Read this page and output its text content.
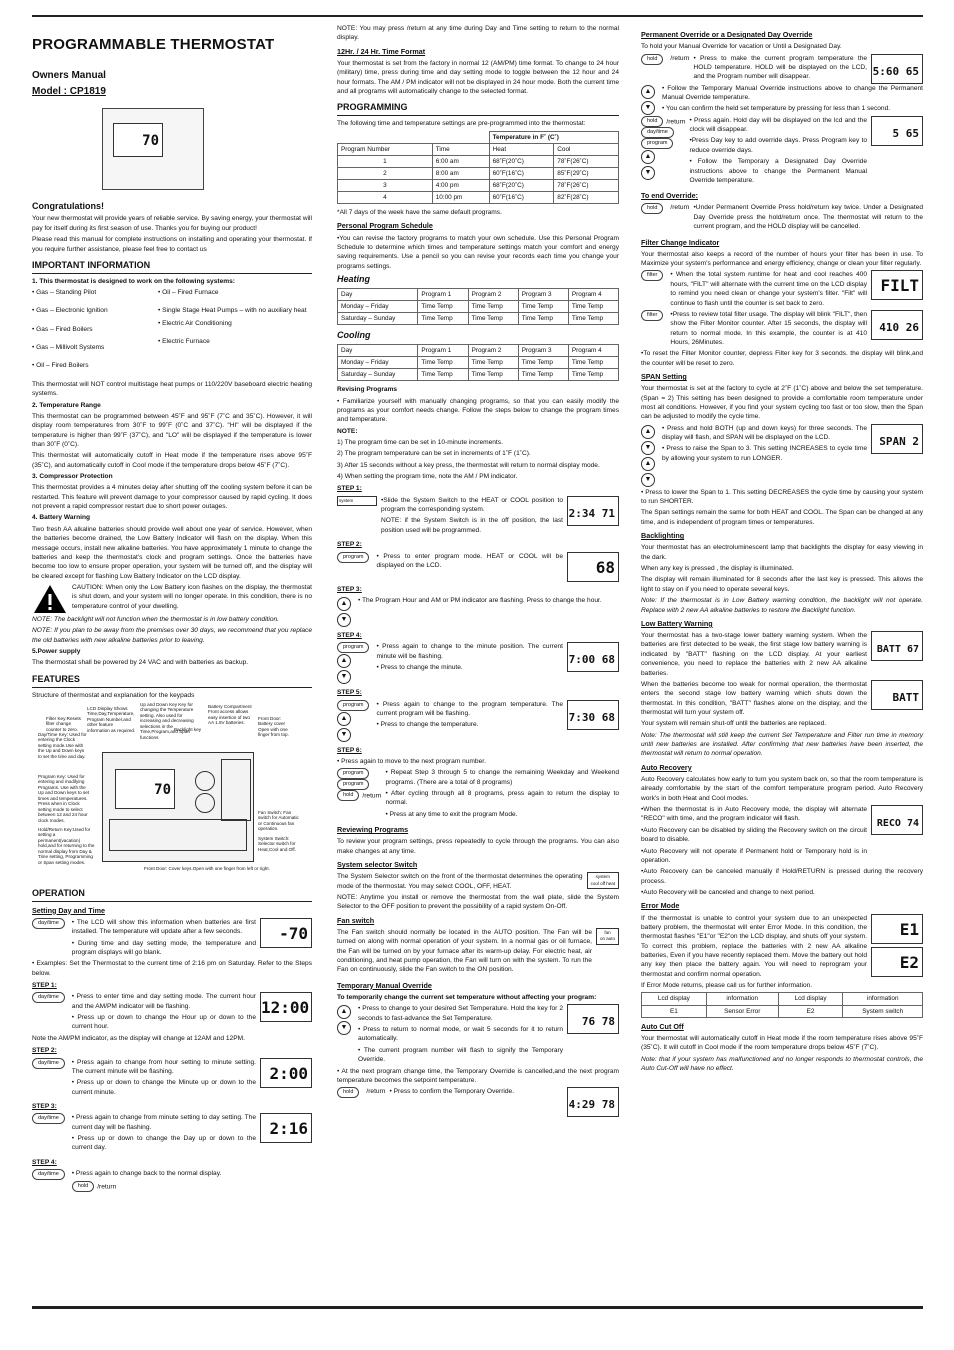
PROGRAMMABLE THERMOSTAT
Owners Manual
Model : CP1819
70
Congratulations!

Your new thermostat will provide years of reliable service. By saving energy, your thermostat will pay for itself during its first season of use. Thanks you for buying our product!

Please read this manual for complete instructions on installing and operating your thermostat. If you require further assistance, please feel free to contact us

IMPORTANT INFORMATION

1. This thermostat is designed to work on the following systems:

• Gas – Standing Pilot
• Gas – Electronic Ignition
• Gas – Fired Boilers
• Gas – Millivolt Systems
• Oil – Fired Boilers
• Oil – Fired Furnace
• Single Stage Heat Pumps – with no auxiliary heat
• Electric Air Conditioning
• Electric Furnace

This thermostat will NOT control multistage heat pumps or 110/220V baseboard electric heating systems.

2. Temperature Range

This thermostat can be programmed between 45˚F and 95˚F (7˚C and 35˚C). However, it will display room temperatures from 30˚F to 99˚F (0˚C and 37˚C). "HI" will be displayed if the temperature is higher than 99˚F (37˚C), and "LO" will be displayed if the temperature is lower than 30˚F (0˚C).

This thermostat will automatically cutoff in Heat mode if the temperature rises above 95˚F (35˚C), and automatically cutoff in Cool mode if the temperature drops below 45˚F (7˚C).

3. Compressor Protection

This thermostat provides a 4 minutes delay after shutting off the cooling system before it can be restarted. This feature will prevent damage to your compressor caused by rapid cycling. It does not prevent a rapid compressor restart due to short power outages.

4. Battery Warning

Two fresh AA alkaline batteries should provide well about one year of service. However, when the batteries become drained, the Low Battery Indicator will flash on the display. When this message occurs, install new alkaline batteries. You have approximately 1 minute to change the batteries and keep the thermostat's clock and program settings. Once the batteries have become too low to ensure proper operation, your system will be turned off, and the display will be cleared except for flashing Low Battery Indicator on the LCD display.

CAUTION: When only the Low Battery icon flashes on the display, the thermostat is shut down, and your system will no longer operate. In this condition, there is no temperature control of your dwelling.

NOTE: The backlight will not function when the thermostat is in low battery condition.

NOTE: If you plan to be away from the premises over 30 days, we recommend that you replace the old batteries with new alkaline batteries prior to leaving.

5.Power supply

The thermostat shall be powered by 24 VAC and with batteries as backup.

FEATURES

Structure of thermostat and explanation for the keypads

LCD Display Shows Time,Day,Temperature, Program Number,and other feature information as required.
Up and Down Key Key for changing the Temperature setting. Also used for increasing and decreasing selections in the Time,Program,and Span functions
Battery Compartment Front access allows easy insertion of two AA 1.5V batteries.
Front Door: Battery cover Open with one finger from top.
Filter Key:Resets filter change counter to zero.	Backlight key
Day/Time Key: Used for entering the Clock setting mode.Use with the Up and Down keys to set the time and day.
Program Key: Used for entering and modifying Programs. Use with the Up and Down keys to set times and temperatures. Press when in Clock setting mode to select between 12 and 24 hour clock modes.
Hold/Return Key:Used for setting a permanent(vacation) hold,and for returning to the normal display from Day & Time setting, Programming or Span setting modes.
Fan Switch: Fan switch for Automatic or Continuous fan operation.
System Switch: Selector switch for Heat,Cool and Off.
Front Door: Cover keys.Open with one finger from left or right.
70
OPERATION
Setting Day and Time
day/time	• The LCD will show this information when batteries are first installed. The temperature will update after a few seconds.

• During time and day setting mode, the temperature and program displays will go blank.

-70

• Examples: Set the Thermostat to the current time of 2:16 pm on Saturday. Refer to the Steps below.

STEP 1:
day/time	• Press to enter time and day setting mode. The current hour and the AM/PM indicator will be flashing.

• Press up or down to change the Hour up or down to the current hour.

12:00

Note the AM/PM indicator, as the display will change at 12AM and 12PM.

STEP 2:
day/time	• Press again to change from hour setting to minute setting. The current minute will be flashing.

• Press up or down to change the Minute up or down to the current minute.

2:00
STEP 3:
day/time	• Press again to change from minute setting to day setting. The current day will be flashing.

• Press up or down to change the Day up or down to the current day.

2:16
STEP 4:
day/time	• Press again to change back to the normal display.

hold /return

NOTE: You may press /return at any time during Day and Time setting to return to the normal display.

12Hr. / 24 Hr. Time Format

Your thermostat is set from the factory in normal 12 (AM/PM) time format. To change to 24 hour (military) time, press during time and day setting mode to toggle between the 12 hour and 24 hour formats. The AM / PM indicator will not be displayed in 24 hour mode. Both the current time and all programs will automatically change to the selected format.

PROGRAMMING

The following time and temperature settings are pre-programmed into the thermostat:

		Temperature in F˚ (C˚)	
Program Number	Time	Heat	Cool
1	6:00 am	68˚F(20˚C)	78˚F(26˚C)
2	8:00 am	60˚F(16˚C)	85˚F(29˚C)
3	4:00 pm	68˚F(20˚C)	78˚F(26˚C)
4	10:00 pm	60˚F(16˚C)	82˚F(28˚C)

*All 7 days of the week have the same default programs.

Personal Program Schedule

•You can revise the factory programs to match your own schedule. Use this Personal Program Schedule to determine which times and temperature settings match your comfort and energy saving requirements. Use a pencil so you can revise your records each time you change your programs settings.

Heating
Day	Program 1	Program 2	Program 3	Program 4
Monday – Friday	Time Temp	Time Temp	Time Temp	Time Temp
Saturday – Sunday	Time Temp	Time Temp	Time Temp	Time Temp
Cooling
Day	Program 1	Program 2	Program 3	Program 4
Monday – Friday	Time Temp	Time Temp	Time Temp	Time Temp
Saturday – Sunday	Time Temp	Time Temp	Time Temp	Time Temp

Revising Programs

• Familiarize yourself with manually changing programs, so that you can easily modify the programs as your comfort needs change. Follow the steps below to change the program times and temperature.

NOTE:

1) The program time can be set in 10-minute increments.

2) The program temperature can be set in increments of 1˚F (1˚C).

3) After 15 seconds without a key press, the thermostat will return to normal display mode.

4) When setting the program time, note the AM / PM indicator.

STEP 1:
system	•Slide the System Switch to the HEAT or COOL position to program the corresponding system.

NOTE: if the System Switch is in the off position, the last position used will be programmed.

2:34 71
STEP 2:
program	• Press to enter program mode. HEAT or COOL will be displayed on the LCD.	68
STEP 3:
▲
▼

• The Program Hour and AM or PM indicator are flashing. Press to change the hour.

STEP 4:
program
▲
▼

• Press again to change to the minute position. The current minute will be flashing.

• Press to change the minute.

7:00 68
STEP 5:
program
▲
▼

• Press again to change to the program temperature. The current program will be flashing.

• Press to change the temperature.

7:30 68
STEP 6:

• Press again to move to the next program number.

program
program
hold /return

• Repeat Step 3 through 5 to change the remaining Weekday and Weekend programs. (There are a total of 8 programs)

• After cycling through all 8 programs, press again to return the display to normal.

• Press at any time to exit the program Mode.

Reviewing Programs

To review your program settings, press repeatedly to cycle through the programs. You can also make changes at any time.

System selector Switch

The System Selector switch on the front of the thermostat determines the operating mode of the thermostat. You may select COOL, OFF, HEAT.

system
cool off heat

NOTE: Anytime you install or remove the thermostat from the wall plate, slide the System Selector to the OFF position to prevent the possibility of a rapid system On-Off.

Fan switch

The Fan switch should normally be located in the AUTO position. The Fan will be turned on along with normal operation of your system. In a normal gas or oil furnace, the Fan will be turned on by your furnace after its warm-up delay. For electric heat, air conditioning, and heat pump operation, the Fan will turn on with the system. To run the Fan on continuously, slide the Fan switch to the ON position.

fan
on auto
Temporary Manual Override

To temporarily change the current set temperature without affecting your program:

▲
▼

• Press to change to your desired Set Temperature. Hold the key for 2 seconds to fast-advance the Set Temperature.

• Press to return to normal mode, or wait 5 seconds for it to return automatically.

• The current program number will flash to signify the Temporary Override.

76 78

• At the next program change time, the Temporary Override is cancelled,and the next program temperature becomes the setpoint temperature.

hold	/return • Press to confirm the Temporary Override.

4:29 78
Permanent Override or a Designated Day Override

To hold your Manual Override for vacation or Until a Designated Day.

hold	/return • Press to make the current program temperature the HOLD temperature. HOLD will be displayed on the LCD, and the Program number will disappear.	5:60 65
▲
▼

• Follow the Temporary Manual Override instructions above to change the Permanent Manual Override temperature.

• You can confirm the held set temperature by pressing for less than 1 second.

hold /return
day/time
program
▲
▼

• Press again. Hold day will be displayed on the lcd and the clock will disappear.

•Press Day key to add override days. Press Program key to reduce override days.

• Follow the Temporary a Designated Day Override instructions above to change the Permanent Manual Override temperature.

5 65
To end Override:
hold	/return •Under Permanent Override Press hold/return key twice. Under a Designated Day Override press the hold/return once. The thermostat will return to the current program, and the HOLD display will be cancelled.

Filter Change Indicator

Your thermostat also keeps a record of the number of hours your filter has been in use. To Maximize your system's performance and energy efficiency, change or clean your filter regularly.

filter	• When the total system runtime for heat and cool reaches 400 hours, "FILT" will alternate with the current time on the LCD display to remind you need clean or change your system's filter. "Filt" will continue to flash until the counter is set back to zero.

FILT
filter	•Press to review total filter usage. The display will blink "FILT", then show the Filter Monitor counter. After 15 seconds, the display will return to normal mode. In this example, the counter is at 410 Hours, 26Minutes.

410 26

•To reset the Filter Monitor counter, depress Filter key for 3 seconds. the display will blink,and the counter will be reset to zero.

SPAN Setting

Your thermostat is set at the factory to cycle at 2˚F (1˚C) above and below the set temperature. (Span = 2) This setting has been designed to provide a comfortable room temperature under most all conditions. However, if you find your system cycling too fast or too slow, then the Span can be adjusted to modify the cycle time.

▲
▼
▲
▼

• Press and hold BOTH (up and down keys) for three seconds. The display will flash, and SPAN will be displayed on the LCD.

• Press to raise the Span to 3. This setting INCREASES to cycle time by allowing your system to run LONGER.

SPAN 2

• Press to lower the Span to 1. This setting DECREASES the cycle time by causing your system to run SHORTER.

The Span settings remain the same for both HEAT and COOL. The Span can be changed at any time, and is independent of program times or temperatures.

Backlighting

Your thermostat has an electroluminescent lamp that backlights the display for easy viewing in the dark.

When any key is pressed , the display is illuminated.

The display will remain illuminated for 8 seconds after the last key is pressed. This allows the light to stay on if you need to operate several keys.

Note: If the thermostat is in Low Battery warning condition, the backlight will not operate. Replace with 2 new AA alkaline batteries to restore the Backlight function.

Low Battery Warning

Your thermostat has a two-stage lower battery warning system. When the batteries are first detected to be weak, the first stage low battery warning is indicated by "BATT" flashing on the LCD display. At your earliest convenience, you need to replace the batteries with 2 new AA alkaline batteries.

BATT 67

When the batteries become too weak for normal operation, the thermostat enters the second stage low battery warning which shuts down the thermostat. In this condition, "BATT" flashes alone on the display, and the thermostat will turn your system off.

BATT

Your system will remain shut-off until the batteries are replaced.

Note: The thermostat will still keep the current Set Temperature and Filter run time in memory until new batteries are installed. After confirming that new batteries have been inserted, the thermostat will return to normal operation.

Auto Recovery

Auto Recovery calculates how early to turn you system back on, so that the room temperature is already comfortable by the start of the comfort temperature program period. Auto Recovery work's in both Heat and Cool modes.

•When the thermostat is in Auto Recovery mode, the display will alternate "RECO" with time, and the program indicator will flash.

•Auto Recovery can be disabled by sliding the Recovery switch on the circuit board to disable.

•Auto Recovery will not operate if Permanent hold or Temporary hold is in operation.

RECO 74

•Auto Recovery can be canceled manually if Hold/RETURN is pressed during the recovery process.

•Auto Recovery will be canceled and change to next period.

Error Mode

If the thermostat is unable to control your system due to an unexpected battery problem, the thermostat will enter Error Mode. In this condition, the thermostat flashes "E1"or "E2"on the LCD display, and shuts off your system. To correct this problem, replace the batteries with 2 new AA alkaline batteries, Even if you have recently replaced them. Move the battery out hold any key then place the battery again. You will need to reprogram your thermostat and confirm normal operation.

E1
E2

If Error Mode returns, please call us for further information.

Lcd display	information	Lcd display	information
E1	Sensor Error	E2	System switch
Auto Cut Off

Your thermostat will automatically cutoff in Heat mode if the room temperature rises above 95˚F (35˚C). It will cutoff in Cool mode if the room temperature drops below 45˚F (7˚C).

Note: that if your system has malfunctioned and no longer responds to thermostat controls, the Auto Cut-Off will have no effect.
